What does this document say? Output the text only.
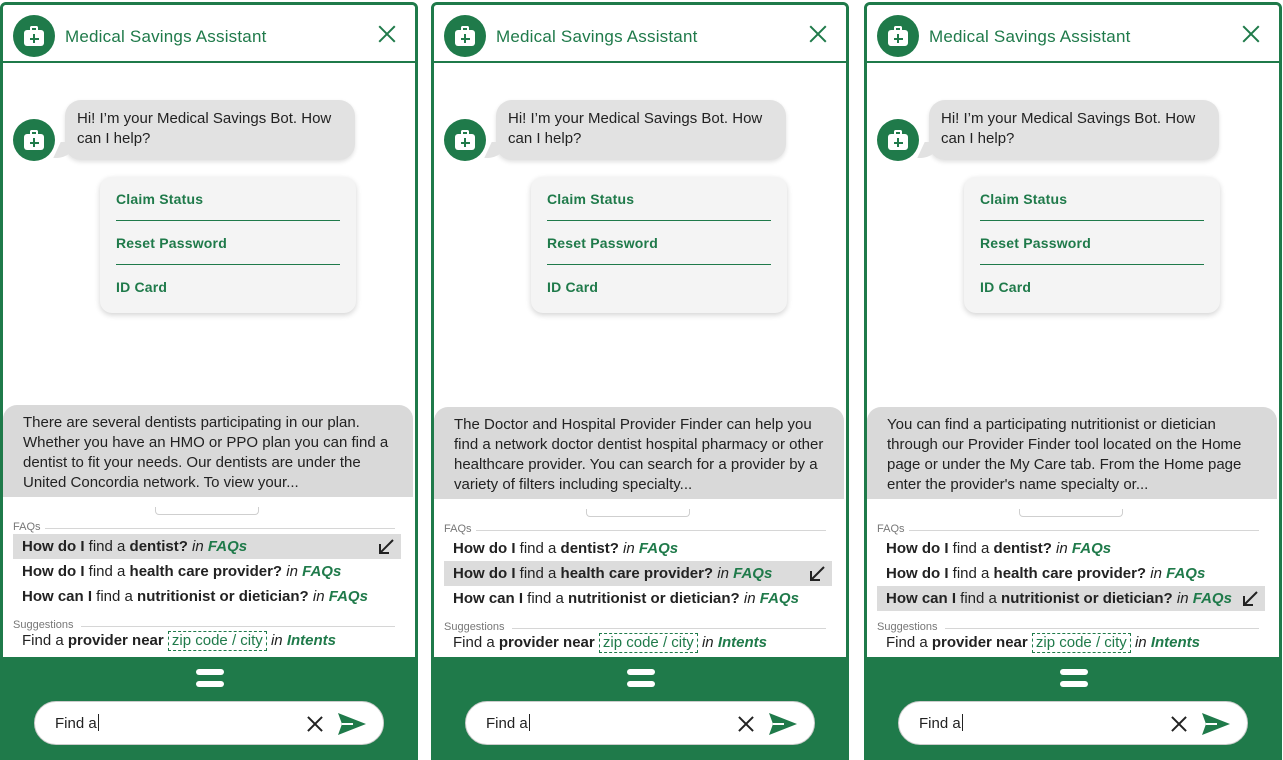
Medical Savings Assistant
Hi! I’m your Medical Savings Bot. How can I help?
Claim Status
Reset Password
ID Card
There are several dentists participating in our plan. Whether you have an HMO or PPO plan you can find a dentist to fit your needs. Our dentists are under the United Concordia network. To view your...
FAQs
How do I find a dentist? in FAQs
How do I find a health care provider? in FAQs
How can I find a nutritionist or dietician? in FAQs
Suggestions
Find a provider near zip code / city in Intents
Find a
Medical Savings Assistant
Hi! I’m your Medical Savings Bot. How can I help?
Claim Status
Reset Password
ID Card
The Doctor and Hospital Provider Finder can help you find a network doctor dentist hospital pharmacy or other healthcare provider. You can search for a provider by a variety of filters including specialty...
FAQs
How do I find a dentist? in FAQs
How do I find a health care provider? in FAQs
How can I find a nutritionist or dietician? in FAQs
Suggestions
Find a provider near zip code / city in Intents
Find a
Medical Savings Assistant
Hi! I’m your Medical Savings Bot. How can I help?
Claim Status
Reset Password
ID Card
You can find a participating nutritionist or dietician through our Provider Finder tool located on the Home page or under the My Care tab. From the Home page enter the provider's name specialty or...
FAQs
How do I find a dentist? in FAQs
How do I find a health care provider? in FAQs
How can I find a nutritionist or dietician? in FAQs
Suggestions
Find a provider near zip code / city in Intents
Find a
